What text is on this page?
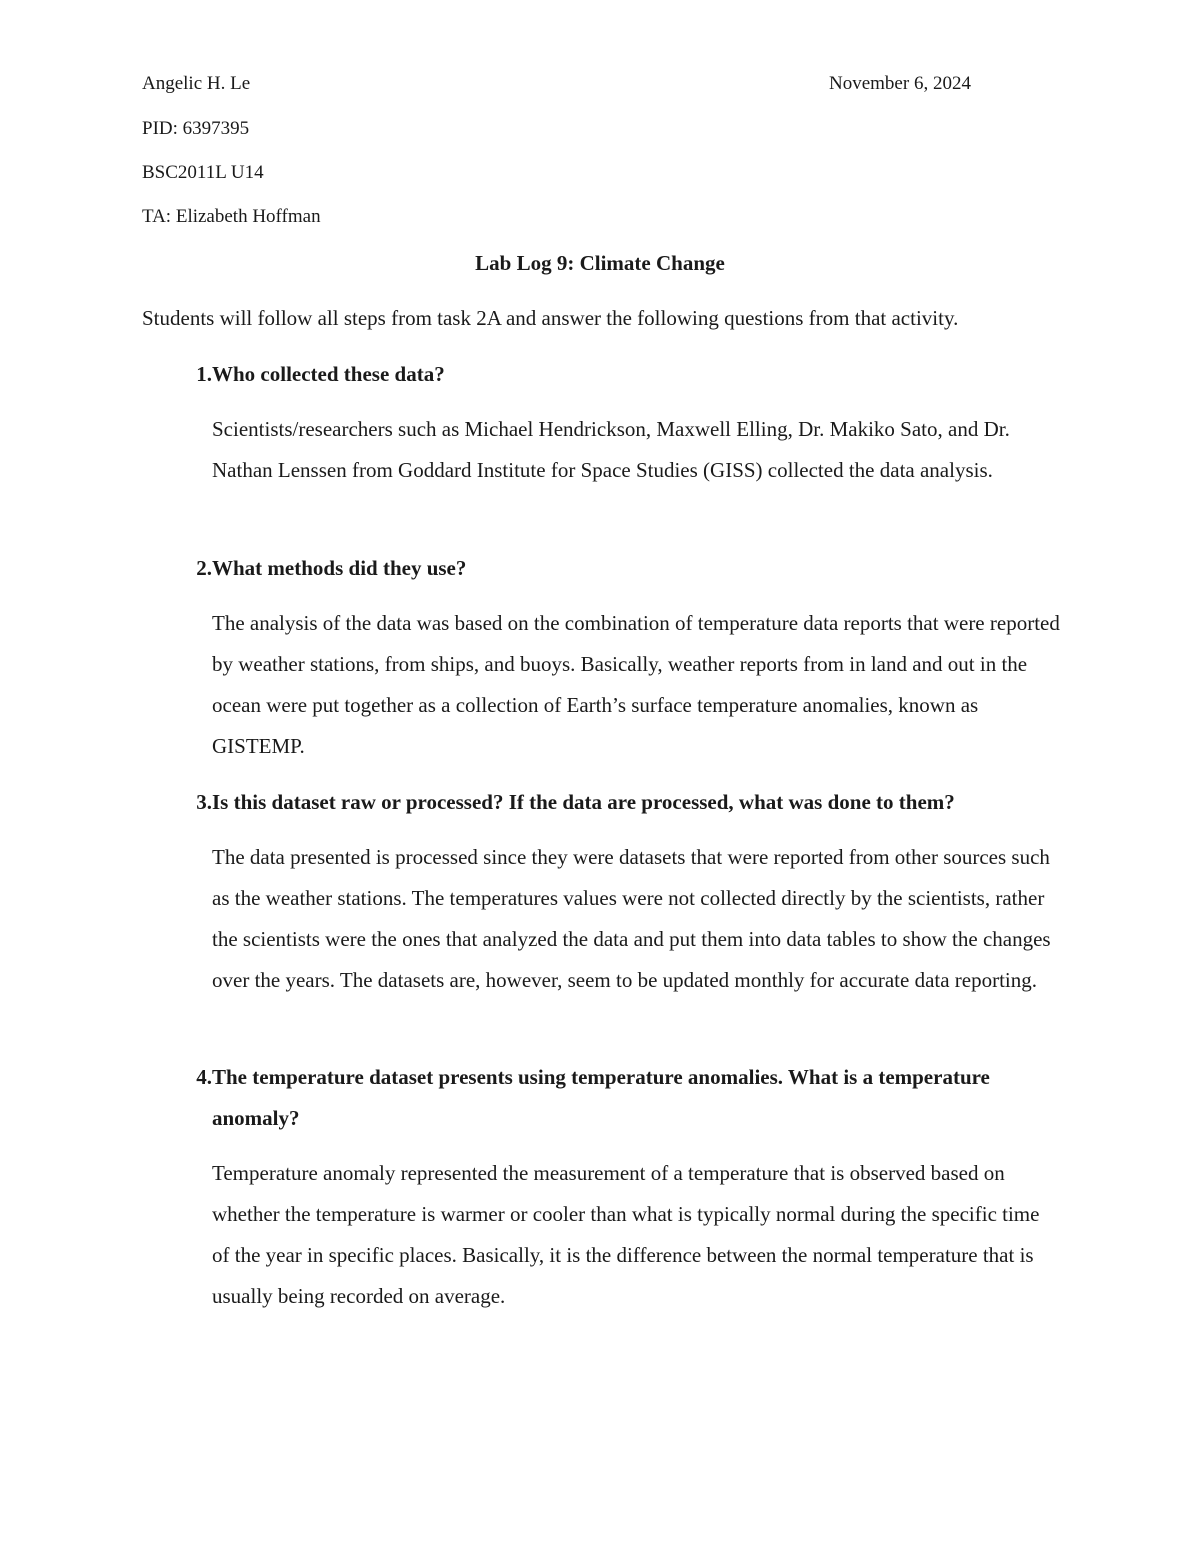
Angelic H. Le	November 6, 2024
PID: 6397395
BSC2011L U14
TA: Elizabeth Hoffman
Lab Log 9: Climate Change
Students will follow all steps from task 2A and answer the following questions from that activity.
1. Who collected these data?
Scientists/researchers such as Michael Hendrickson, Maxwell Elling, Dr. Makiko Sato, and Dr. Nathan Lenssen from Goddard Institute for Space Studies (GISS) collected the data analysis.
2. What methods did they use?
The analysis of the data was based on the combination of temperature data reports that were reported by weather stations, from ships, and buoys. Basically, weather reports from in land and out in the ocean were put together as a collection of Earth’s surface temperature anomalies, known as GISTEMP.
3. Is this dataset raw or processed? If the data are processed, what was done to them?
The data presented is processed since they were datasets that were reported from other sources such as the weather stations. The temperatures values were not collected directly by the scientists, rather the scientists were the ones that analyzed the data and put them into data tables to show the changes over the years. The datasets are, however, seem to be updated monthly for accurate data reporting.
4. The temperature dataset presents using temperature anomalies. What is a temperature anomaly?
Temperature anomaly represented the measurement of a temperature that is observed based on whether the temperature is warmer or cooler than what is typically normal during the specific time of the year in specific places. Basically, it is the difference between the normal temperature that is usually being recorded on average.
